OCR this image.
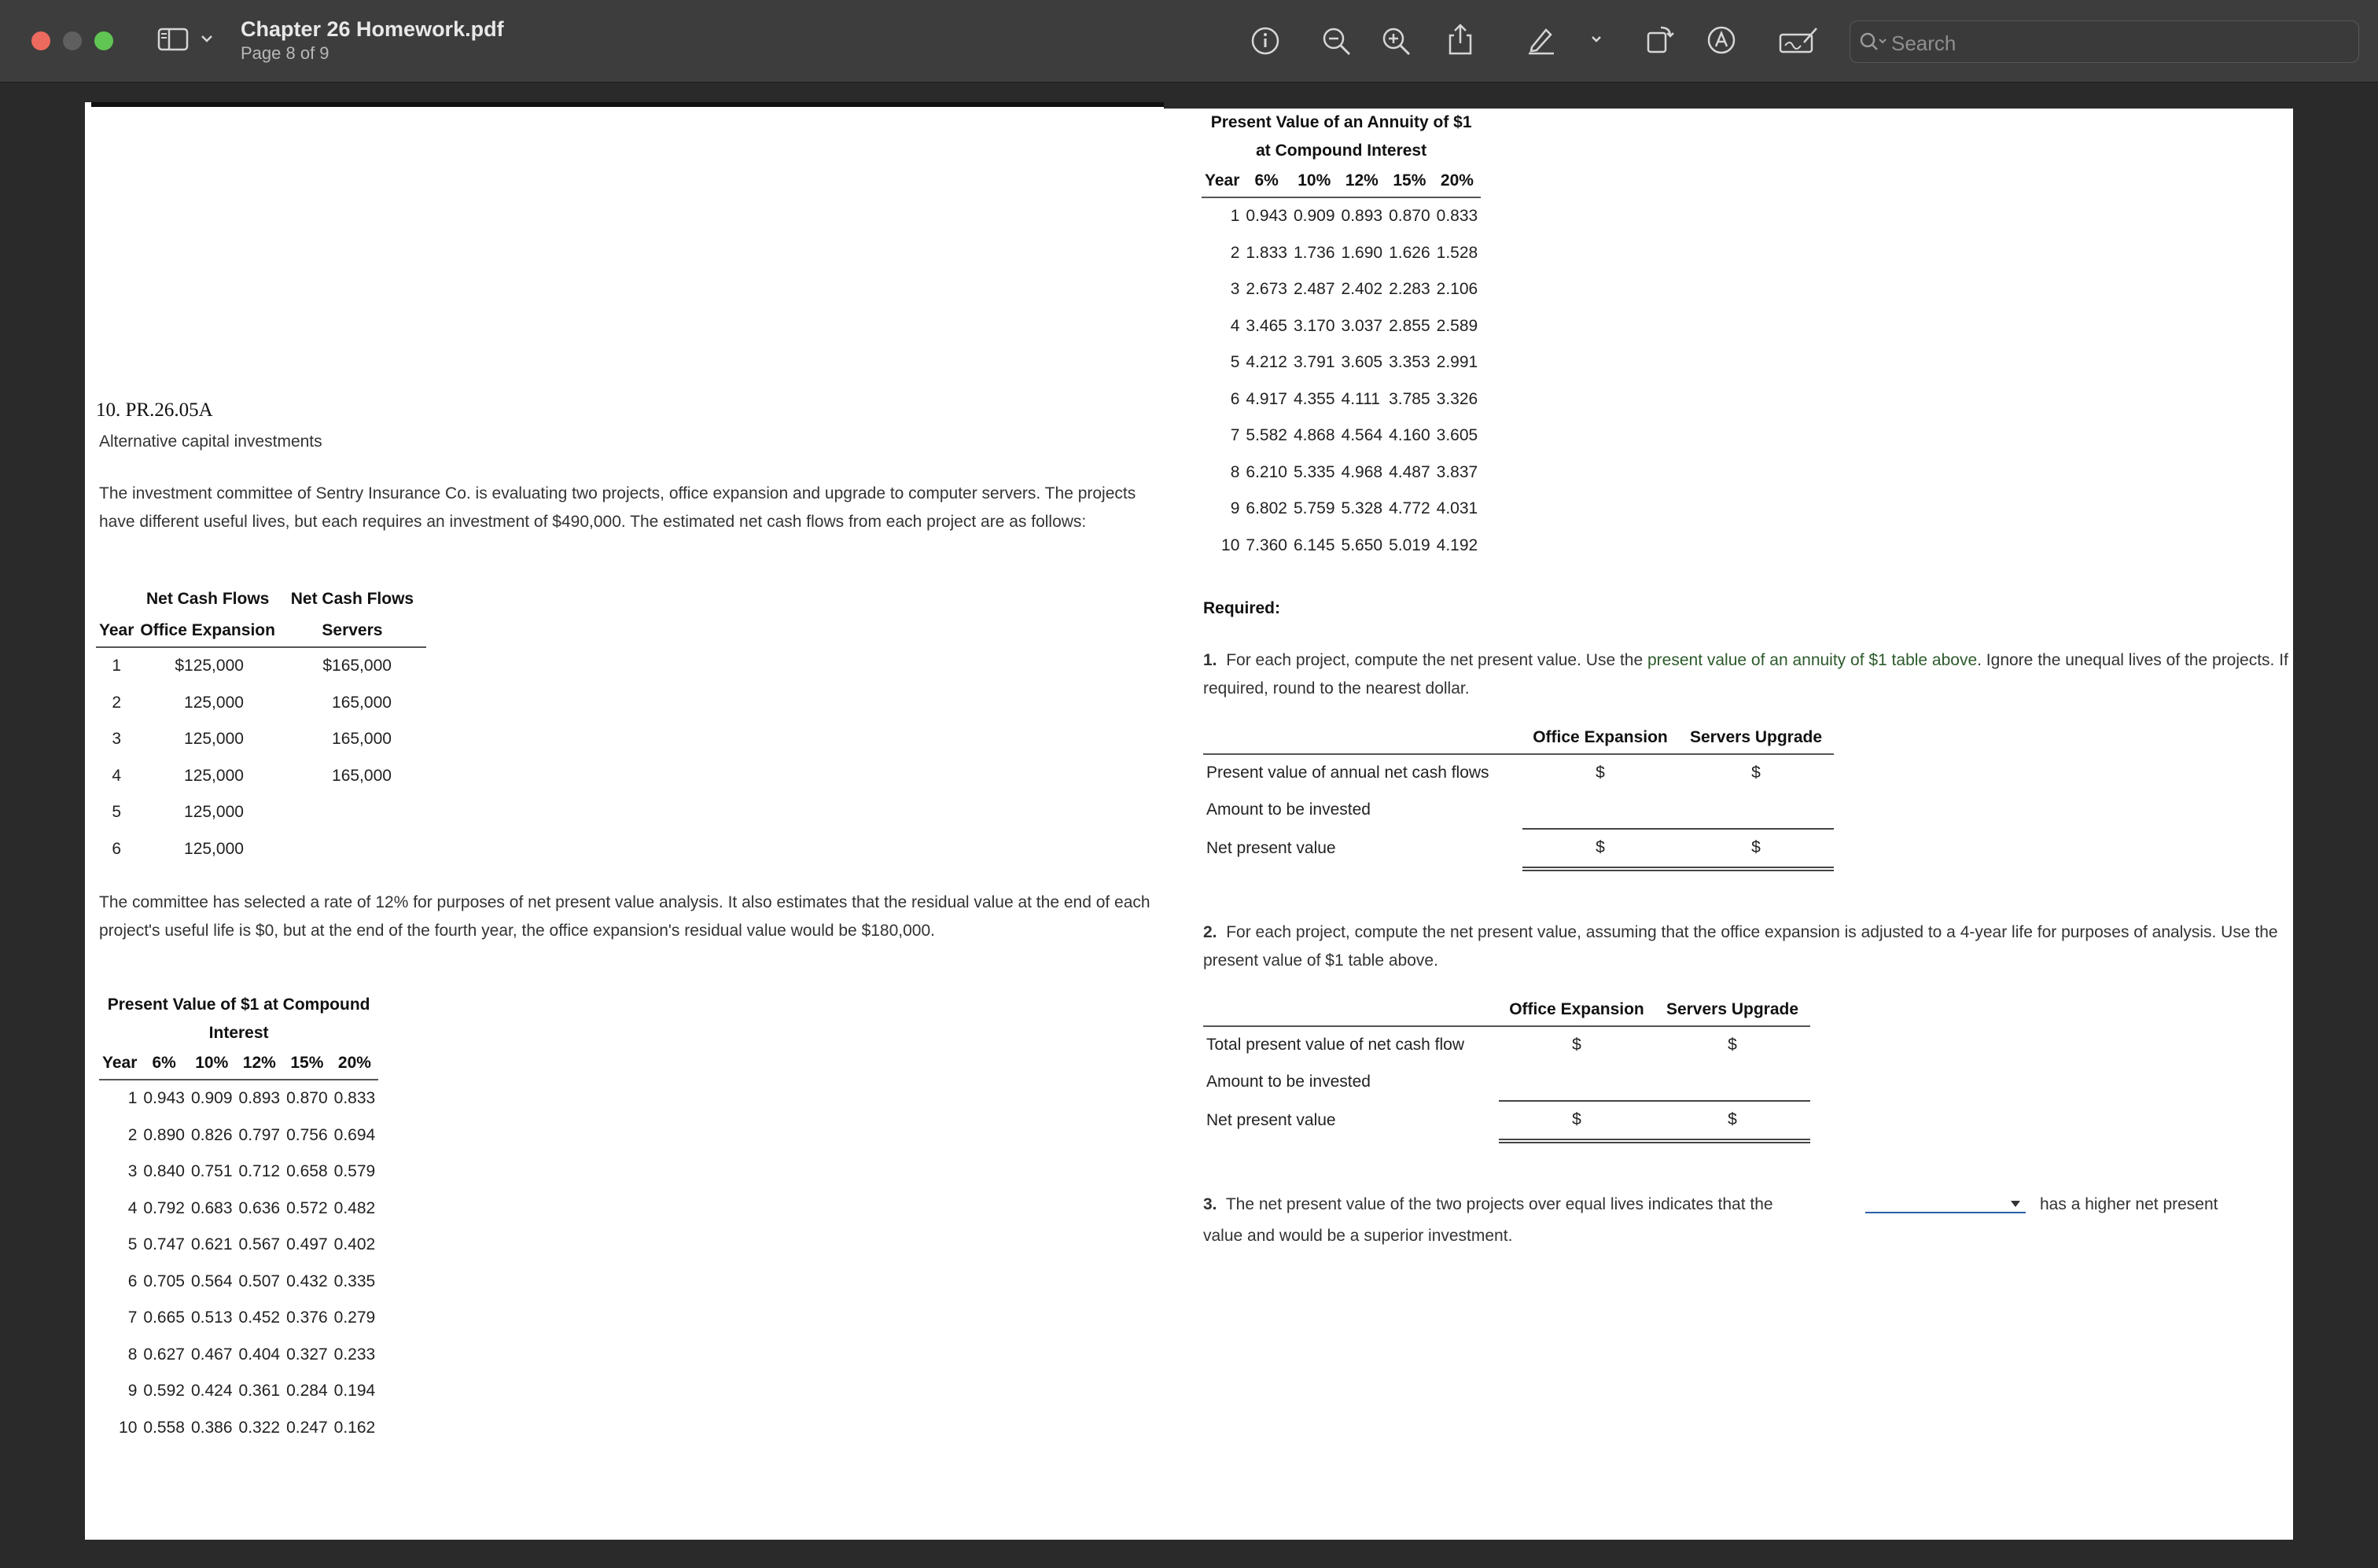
Chapter 26 Homework.pdf
Page 8 of 9	Search
10. PR.26.05A
Alternative capital investments
The investment committee of Sentry Insurance Co. is evaluating two projects, office expansion and upgrade to computer servers. The projects have different useful lives, but each requires an investment of $490,000. The estimated net cash flows from each project are as follows:
	Net Cash Flows	Net Cash Flows
Year	Office Expansion	Servers
1	$125,000	$165,000
2	125,000	165,000
3	125,000	165,000
4	125,000	165,000
5	125,000	
6	125,000	
The committee has selected a rate of 12% for purposes of net present value analysis. It also estimates that the residual value at the end of each project's useful life is $0, but at the end of the fourth year, the office expansion's residual value would be $180,000.
Present Value of $1 at Compound					
Interest					
Year	6%	10%	12%	15%	20%
1	0.943	0.909	0.893	0.870	0.833
2	0.890	0.826	0.797	0.756	0.694
3	0.840	0.751	0.712	0.658	0.579
4	0.792	0.683	0.636	0.572	0.482
5	0.747	0.621	0.567	0.497	0.402
6	0.705	0.564	0.507	0.432	0.335
7	0.665	0.513	0.452	0.376	0.279
8	0.627	0.467	0.404	0.327	0.233
9	0.592	0.424	0.361	0.284	0.194
10	0.558	0.386	0.322	0.247	0.162
Present Value of an Annuity of $1					
at Compound Interest					
Year	6%	10%	12%	15%	20%
1	0.943	0.909	0.893	0.870	0.833
2	1.833	1.736	1.690	1.626	1.528
3	2.673	2.487	2.402	2.283	2.106
4	3.465	3.170	3.037	2.855	2.589
5	4.212	3.791	3.605	3.353	2.991
6	4.917	4.355	4.111	3.785	3.326
7	5.582	4.868	4.564	4.160	3.605
8	6.210	5.335	4.968	4.487	3.837
9	6.802	5.759	5.328	4.772	4.031
10	7.360	6.145	5.650	5.019	4.192
Required:
1. For each project, compute the net present value. Use the present value of an annuity of $1 table above. Ignore the unequal lives of the projects. If required, round to the nearest dollar.
	Office Expansion	Servers Upgrade
Present value of annual net cash flows	$	$
Amount to be invested		
Net present value	$	$
2. For each project, compute the net present value, assuming that the office expansion is adjusted to a 4-year life for purposes of analysis. Use the present value of $1 table above.
	Office Expansion	Servers Upgrade
Total present value of net cash flow	$	$
Amount to be invested		
Net present value	$	$
3. The net present value of the two projects over equal lives indicates that the	has a higher net present
value and would be a superior investment.
